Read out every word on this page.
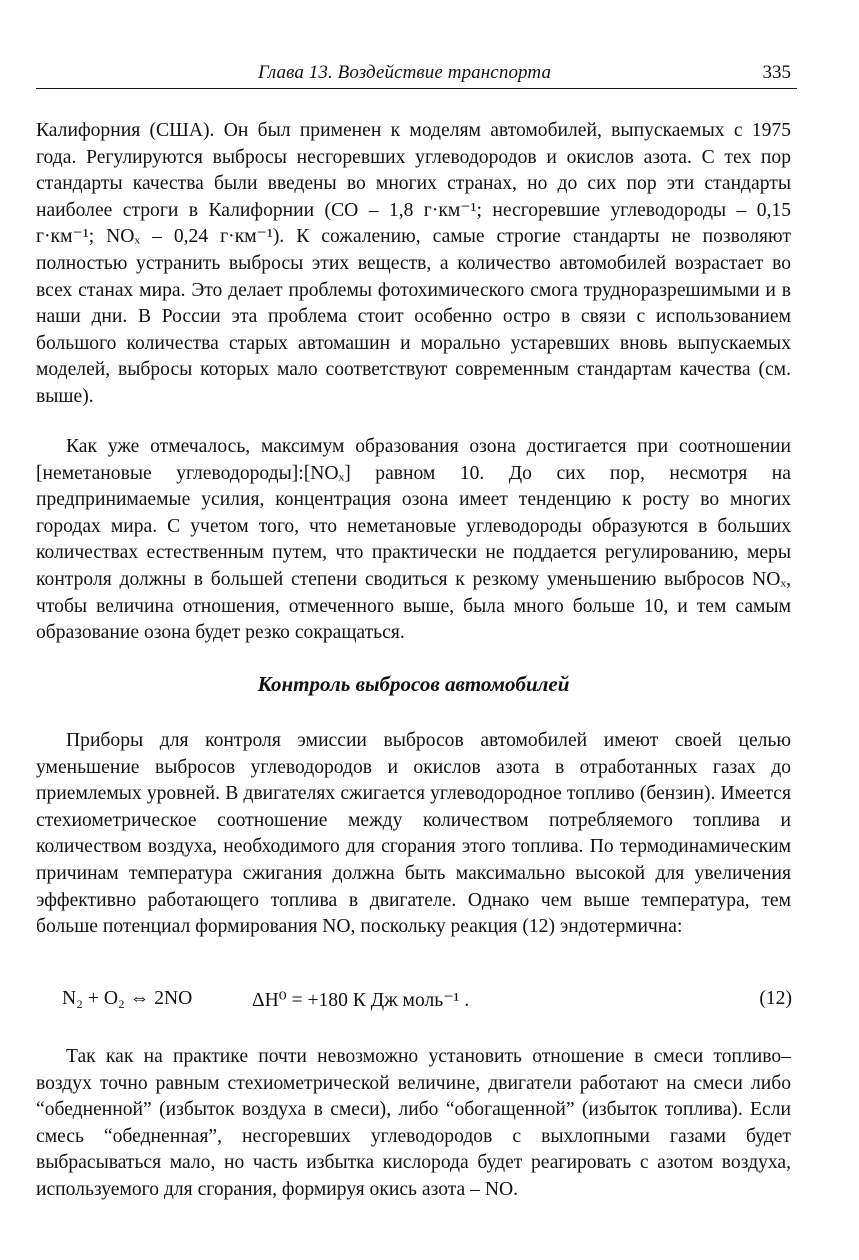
Глава 13. Воздействие транспорта	335

Калифорния (США). Он был применен к моделям автомобилей, выпускаемых с 1975 года. Регулируются выбросы несгоревших углеводородов и окислов азота. С тех пор стандарты качества были введены во многих странах, но до сих пор эти стандарты наиболее строги в Калифорнии (СО – 1,8 г·км⁻¹; несгоревшие углеводороды – 0,15 г·км⁻¹; NOₓ – 0,24 г·км⁻¹). К сожалению, самые строгие стандарты не позволяют полностью устранить выбросы этих веществ, а количество автомобилей возрастает во всех станах мира. Это делает проблемы фотохимического смога трудноразрешимыми и в наши дни. В России эта проблема стоит особенно остро в связи с использованием большого количества старых автомашин и морально устаревших вновь выпускаемых моделей, выбросы которых мало соответствуют современным стандартам качества (см. выше).

Как уже отмечалось, максимум образования озона достигается при соотношении [неметановые углеводороды]:[NOₓ] равном 10. До сих пор, несмотря на предпринимаемые усилия, концентрация озона имеет тенденцию к росту во многих городах мира. С учетом того, что неметановые углеводороды образуются в больших количествах естественным путем, что практически не поддается регулированию, меры контроля должны в большей степени сводиться к резкому уменьшению выбросов NOₓ, чтобы величина отношения, отмеченного выше, была много больше 10, и тем самым образование озона будет резко сокращаться.

Контроль выбросов автомобилей

Приборы для контроля эмиссии выбросов автомобилей имеют своей целью уменьшение выбросов углеводородов и окислов азота в отработанных газах до приемлемых уровней. В двигателях сжигается углеводородное топливо (бензин). Имеется стехиометрическое соотношение между количеством потребляемого топлива и количеством воздуха, необходимого для сгорания этого топлива. По термодинамическим причинам температура сжигания должна быть максимально высокой для увеличения эффективно работающего топлива в двигателе. Однако чем выше температура, тем больше потенциал формирования NO, поскольку реакция (12) эндотермична:

N₂ + O₂ ⇔ 2NO	ΔH⁰ = +180 К Дж моль⁻¹ .	(12)

Так как на практике почти невозможно установить отношение в смеси топливо–воздух точно равным стехиометрической величине, двигатели работают на смеси либо “обедненной” (избыток воздуха в смеси), либо “обогащенной” (избыток топлива). Если смесь “обедненная”, несгоревших углеводородов с выхлопными газами будет выбрасываться мало, но часть избытка кислорода будет реагировать с азотом воздуха, используемого для сгорания, формируя окись азота – NO.
